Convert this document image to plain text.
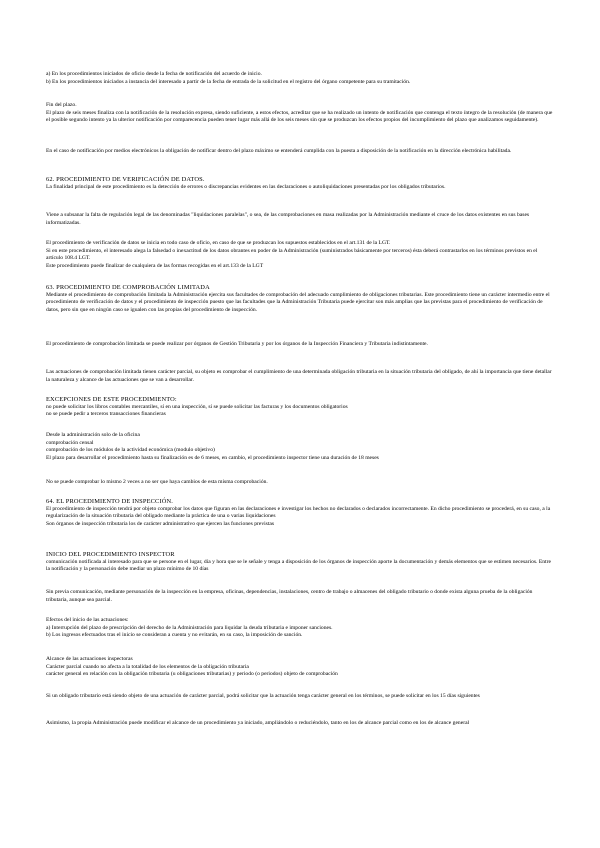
a) En los procedimientos iniciados de oficio desde la fecha de notificación del acuerdo de inicio.

b) En los procedimientos iniciados a instancia del interesado a partir de la fecha de entrada de la solicitud en el registro del órgano competente para su tramitación.

Fin del plazo.

El plazo de seis meses finaliza con la notificación de la resolución expresa, siendo suficiente, a estos efectos, acreditar que se ha realizado un intento de notificación que contenga el texto íntegro de la resolución (de manera que el posible segundo intento ya la ulterior notificación por comparecencia pueden tener lugar más allá de los seis meses sin que se produzcan los efectos propios del incumplimiento del plazo que analizamos seguidamente).

En el caso de notificación por medios electrónicos la obligación de notificar dentro del plazo máximo se entenderá cumplida con la puesta a disposición de la notificación en la dirección electrónica habilitada.

62. PROCEDIMIENTO DE VERIFICACIÓN DE DATOS.

La finalidad principal de este procedimiento es la detección de errores o discrepancias evidentes en las declaraciones o autoliquidaciones presentadas por los obligados tributarios.

Viene a subsanar la falta de regulación legal de las denominadas "liquidaciones paralelas", o sea, de las comprobaciones en masa realizadas por la Administración mediante el cruce de los datos existentes en sus bases informatizadas.

El procedimiento de verificación de datos se inicia en todo caso de oficio, en caso de que se produzcan los supuestos establecidos en el art.131 de la LGT.

Si en este procedimiento, el interesado alega la falsedad o inexactitud de los datos obrantes en poder de la Administración (suministrados básicamente por terceros) ésta deberá contrastarlos en los términos previstos en el artículo 108.4 LGT.

Este procedimiento puede finalizar de cualquiera de las formas recogidas en el art.133 de la LGT

63. PROCEDIMIENTO DE COMPROBACIÓN LIMITADA

Mediante el procedimiento de comprobación limitada la Administración ejercita sus facultades de comprobación del adecuado cumplimiento de obligaciones tributarias. Este procedimiento tiene un carácter intermedio entre el procedimiento de verificación de datos y el procedimiento de inspección puesto que las facultades que la Administración Tributaria puede ejercitar son más amplias que las previstas para el procedimiento de verificación de datos, pero sin que en ningún caso se igualen con las propias del procedimiento de inspección.

El procedimiento de comprobación limitada se puede realizar por órganos de Gestión Tributaria y por los órganos de la Inspección Financiera y Tributaria indistintamente.

Las actuaciones de comprobación limitada tienen carácter parcial, su objeto es comprobar el cumplimiento de una determinada obligación tributaria en la situación tributaria del obligado, de ahí la importancia que tiene detallar la naturaleza y alcance de las actuaciones que se van a desarrollar.

EXCEPCIONES DE ESTE PROCEDIMIENTO:

no puede solicitar los libros contables mercantiles, sí en una inspección, sí se puede solicitar las facturas y los documentos obligatorios

no se puede pedir a terceros transacciones financieras

Desde la administración solo de la oficina

comprobación censal

comprobación de los módulos de la actividad económica (modulo objetivo)

El plazo para desarrollar el procedimiento hasta su finalización es de 6 meses, en cambio, el procedimiento inspector tiene una duración de 18 meses

No se puede comprobar lo mismo 2 veces a no ser que haya cambios de esta misma comprobación.

64. EL PROCEDIMIENTO DE INSPECCIÓN.

El procedimiento de inspección tendrá por objeto comprobar los datos que figuran en las declaraciones e investigar los hechos no declarados o declarados incorrectamente. En dicho procedimiento se procederá, en su caso, a la regularización de la situación tributaria del obligado mediante la práctica de una o varias liquidaciones

Son órganos de inspección tributaria los de carácter administrativo que ejercen las funciones previstas

INICIO DEL PROCEDIMIENTO INSPECTOR

comunicación notificada al interesado para que se persone en el lugar, día y hora que se le señale y tenga a disposición de los órganos de inspección aporte la documentación y demás elementos que se estimen necesarios. Entre la notificación y la personación debe mediar un plazo mínimo de 10 días

Sin previa comunicación, mediante personación de la inspección en la empresa, oficinas, dependencias, instalaciones, centro de trabajo o almacenes del obligado tributario o donde exista alguna prueba de la obligación tributaria, aunque sea parcial.

Efectos del inicio de las actuaciones:

a) Interrupción del plazo de prescripción del derecho de la Administración para liquidar la deuda tributaria e imponer sanciones.

b) Los ingresos efectuados tras el inicio se consideran a cuenta y no evitarán, en su caso, la imposición de sanción.

Alcance de las actuaciones inspectoras

Carácter parcial cuando no afecta a la totalidad de los elementos de la obligación tributaria

carácter general en relación con la obligación tributaria (u obligaciones tributarias) y periodo (o periodos) objeto de comprobación

Si un obligado tributario está siendo objeto de una actuación de carácter parcial, podrá solicitar que la actuación tenga carácter general en los términos, se puede solicitar en los 15 días siguientes

Asimismo, la propia Administración puede modificar el alcance de un procedimiento ya iniciado, ampliándolo o reduciéndolo, tanto en los de alcance parcial como en los de alcance general
